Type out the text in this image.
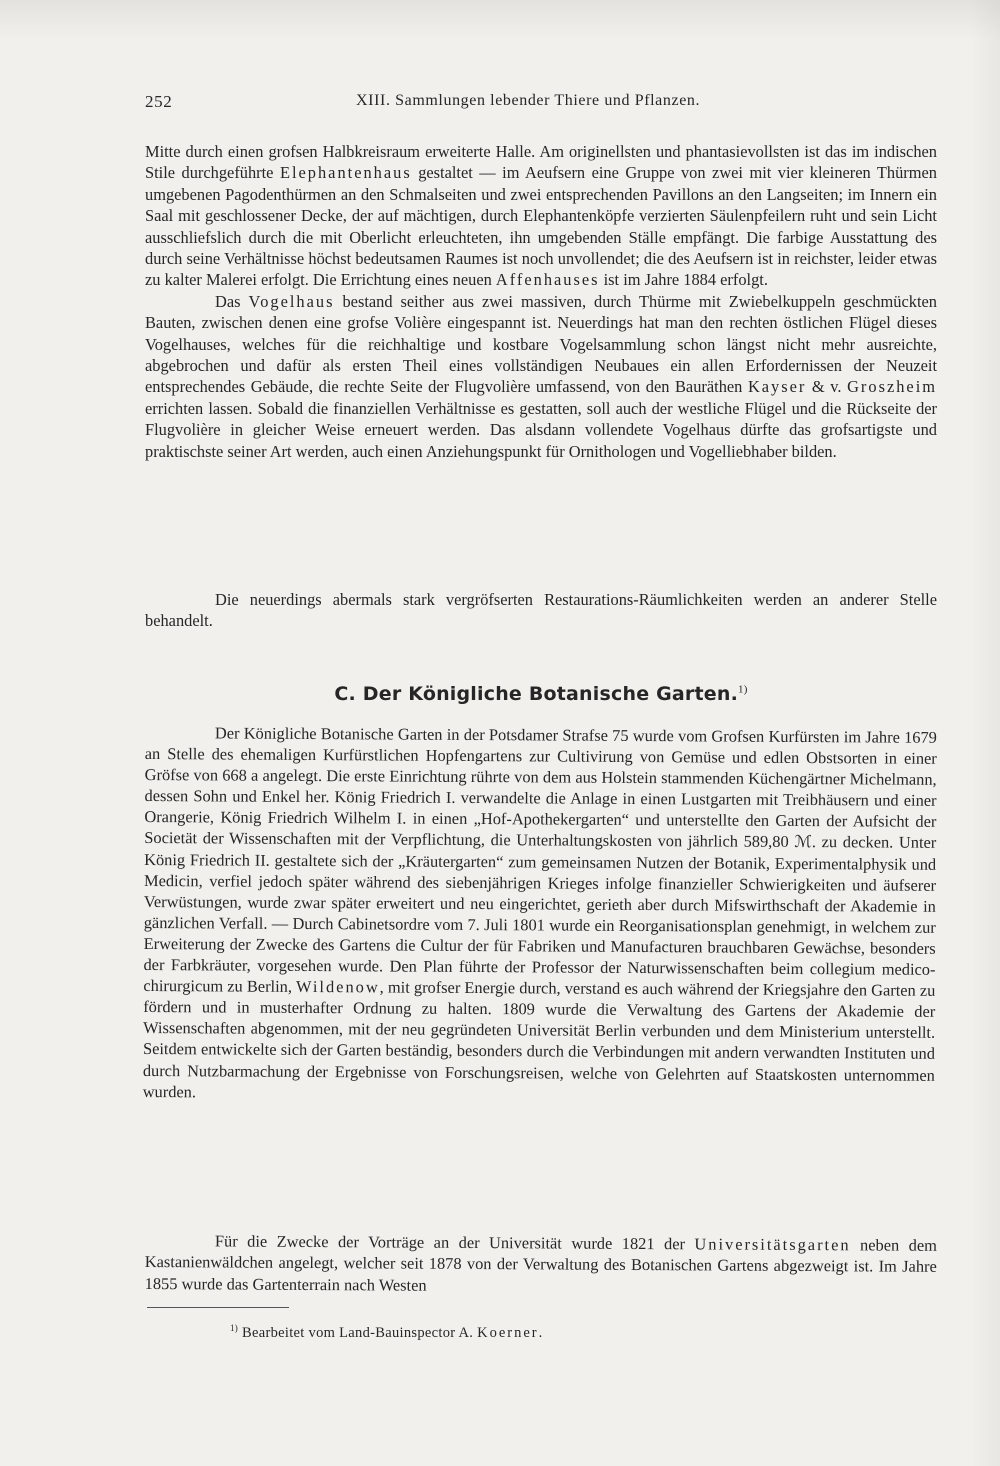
252	XIII. Sammlungen lebender Thiere und Pflanzen.

Mitte durch einen grofsen Halbkreisraum erweiterte Halle. Am originellsten und phantasievollsten ist das im indischen Stile durchgeführte Elephantenhaus gestaltet — im Aeufsern eine Gruppe von zwei mit vier kleineren Thürmen umgebenen Pagodenthürmen an den Schmalseiten und zwei entsprechenden Pavillons an den Langseiten; im Innern ein Saal mit geschlossener Decke, der auf mächtigen, durch Elephantenköpfe verzierten Säulenpfeilern ruht und sein Licht ausschliefslich durch die mit Oberlicht erleuchteten, ihn umgebenden Ställe empfängt. Die farbige Ausstattung des durch seine Verhältnisse höchst bedeutsamen Raumes ist noch unvollendet; die des Aeufsern ist in reichster, leider etwas zu kalter Malerei erfolgt. Die Errichtung eines neuen Affenhauses ist im Jahre 1884 erfolgt.

Das Vogelhaus bestand seither aus zwei massiven, durch Thürme mit Zwiebelkuppeln geschmückten Bauten, zwischen denen eine grofse Volière eingespannt ist. Neuerdings hat man den rechten östlichen Flügel dieses Vogelhauses, welches für die reichhaltige und kostbare Vogelsammlung schon längst nicht mehr ausreichte, abgebrochen und dafür als ersten Theil eines vollständigen Neubaues ein allen Erfordernissen der Neuzeit entsprechendes Gebäude, die rechte Seite der Flugvolière umfassend, von den Bauräthen Kayser & v. Groszheim errichten lassen. Sobald die finanziellen Verhältnisse es gestatten, soll auch der westliche Flügel und die Rückseite der Flugvolière in gleicher Weise erneuert werden. Das alsdann vollendete Vogelhaus dürfte das grofsartigste und praktischste seiner Art werden, auch einen Anziehungspunkt für Ornithologen und Vogelliebhaber bilden.

Die neuerdings abermals stark vergröfserten Restaurations-Räumlichkeiten werden an anderer Stelle behandelt.

C. Der Königliche Botanische Garten.$^{1)}$

Der Königliche Botanische Garten in der Potsdamer Strafse 75 wurde vom Grofsen Kurfürsten im Jahre 1679 an Stelle des ehemaligen Kurfürstlichen Hopfengartens zur Cultivirung von Gemüse und edlen Obstsorten in einer Gröfse von 668 a angelegt. Die erste Einrichtung rührte von dem aus Holstein stammenden Küchengärtner Michelmann, dessen Sohn und Enkel her. König Friedrich I. verwandelte die Anlage in einen Lustgarten mit Treibhäusern und einer Orangerie, König Friedrich Wilhelm I. in einen „Hof-Apothekergarten“ und unterstellte den Garten der Aufsicht der Societät der Wissenschaften mit der Verpflichtung, die Unterhaltungskosten von jährlich 589,80 ℳ. zu decken. Unter König Friedrich II. gestaltete sich der „Kräutergarten“ zum gemeinsamen Nutzen der Botanik, Experimentalphysik und Medicin, verfiel jedoch später während des siebenjährigen Krieges infolge finanzieller Schwierigkeiten und äufserer Verwüstungen, wurde zwar später erweitert und neu eingerichtet, gerieth aber durch Mifswirthschaft der Akademie in gänzlichen Verfall. — Durch Cabinetsordre vom 7. Juli 1801 wurde ein Reorganisationsplan genehmigt, in welchem zur Erweiterung der Zwecke des Gartens die Cultur der für Fabriken und Manufacturen brauchbaren Gewächse, besonders der Farbkräuter, vorgesehen wurde. Den Plan führte der Professor der Naturwissenschaften beim collegium medico-chirurgicum zu Berlin, Wildenow, mit grofser Energie durch, verstand es auch während der Kriegsjahre den Garten zu fördern und in musterhafter Ordnung zu halten. 1809 wurde die Verwaltung des Gartens der Akademie der Wissenschaften abgenommen, mit der neu gegründeten Universität Berlin verbunden und dem Ministerium unterstellt. Seitdem entwickelte sich der Garten beständig, besonders durch die Verbindungen mit andern verwandten Instituten und durch Nutzbarmachung der Ergebnisse von Forschungsreisen, welche von Gelehrten auf Staatskosten unternommen wurden.

Für die Zwecke der Vorträge an der Universität wurde 1821 der Universitätsgarten neben dem Kastanienwäldchen angelegt, welcher seit 1878 von der Verwaltung des Botanischen Gartens abgezweigt ist. Im Jahre 1855 wurde das Gartenterrain nach Westen

$^{1)}$ Bearbeitet vom Land-Bauinspector A. Koerner.
